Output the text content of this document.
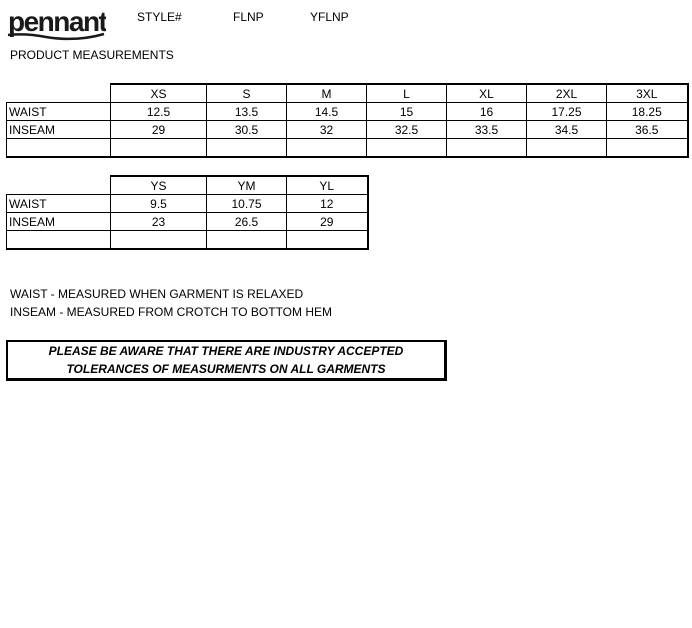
pennant	STYLE#	FLNP	YFLNP
PRODUCT MEASUREMENTS
	XS	S	M	L	XL	2XL	3XL
WAIST	12.5	13.5	14.5	15	16	17.25	18.25
INSEAM	29	30.5	32	32.5	33.5	34.5	36.5

	YS	YM	YL
WAIST	9.5	10.75	12
INSEAM	23	26.5	29

WAIST - MEASURED WHEN GARMENT IS RELAXED
INSEAM - MEASURED FROM CROTCH TO BOTTOM HEM
PLEASE BE AWARE THAT THERE ARE INDUSTRY ACCEPTED
TOLERANCES OF MEASURMENTS ON ALL GARMENTS
